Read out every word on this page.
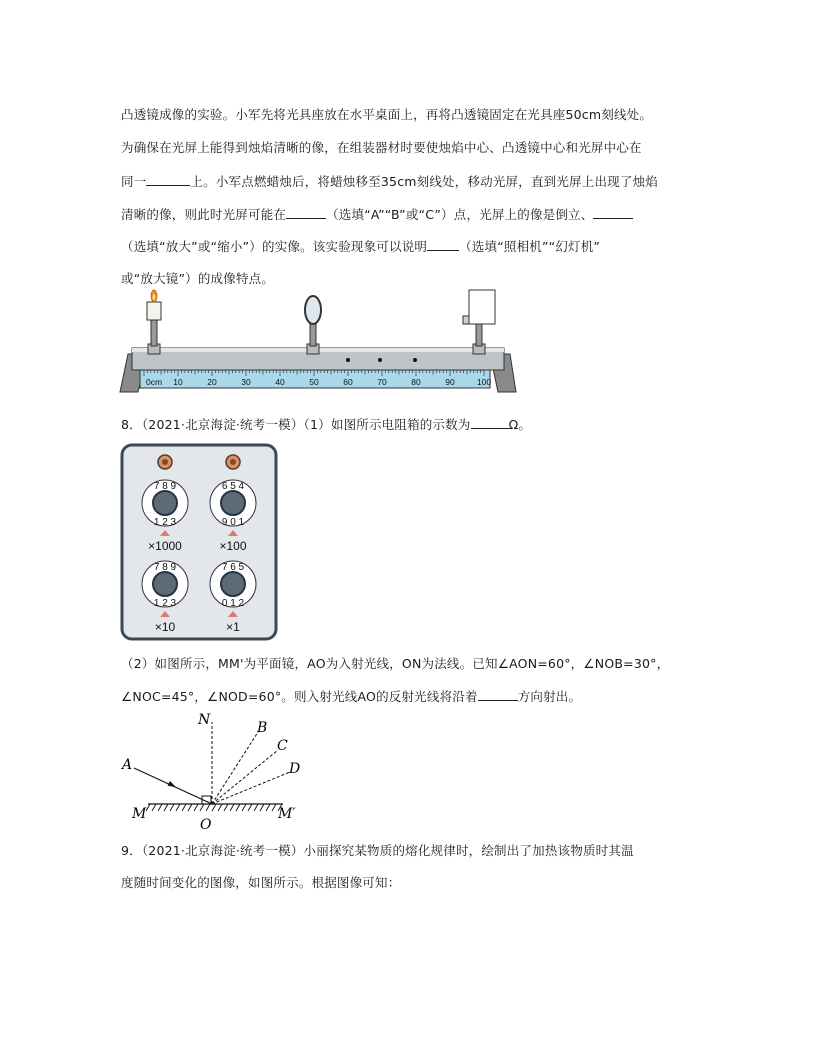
凸透镜成像的实验。小军先将光具座放在水平桌面上，再将凸透镜固定在光具座50cm刻线处。
为确保在光屏上能得到烛焰清晰的像，在组装器材时要使烛焰中心、凸透镜中心和光屏中心在
同一	上。小军点燃蜡烛后，将蜡烛移至35cm刻线处，移动光屏，直到光屏上出现了烛焰
清晰的像，则此时光屏可能在	（选填“A”“B”或“C”）点，光屏上的像是倒立、
（选填“放大”或“缩小”）的实像。该实验现象可以说明	（选填“照相机”“幻灯机”
或“放大镜”）的成像特点。
0cm 10	20	30	40	50	60	70	80	90	100
8．（2021·北京海淀·统考一模）（1）如图所示电阻箱的示数为	Ω。
7 8 9
1 2 3
×1000
6 5 4
9 0 1
×100
7 8 9
1 2 3
×10
7 6 5
0 1 2
×1
（2）如图所示，MM'为平面镜，AO为入射光线，ON为法线。已知∠AON=60°，∠NOB=30°，
∠NOC=45°，∠NOD=60°。则入射光线AO的反射光线将沿着	方向射出。
N	B
C
D
A
M	M′
O
9．（2021·北京海淀·统考一模）小丽探究某物质的熔化规律时，绘制出了加热该物质时其温
度随时间变化的图像，如图所示。根据图像可知：
